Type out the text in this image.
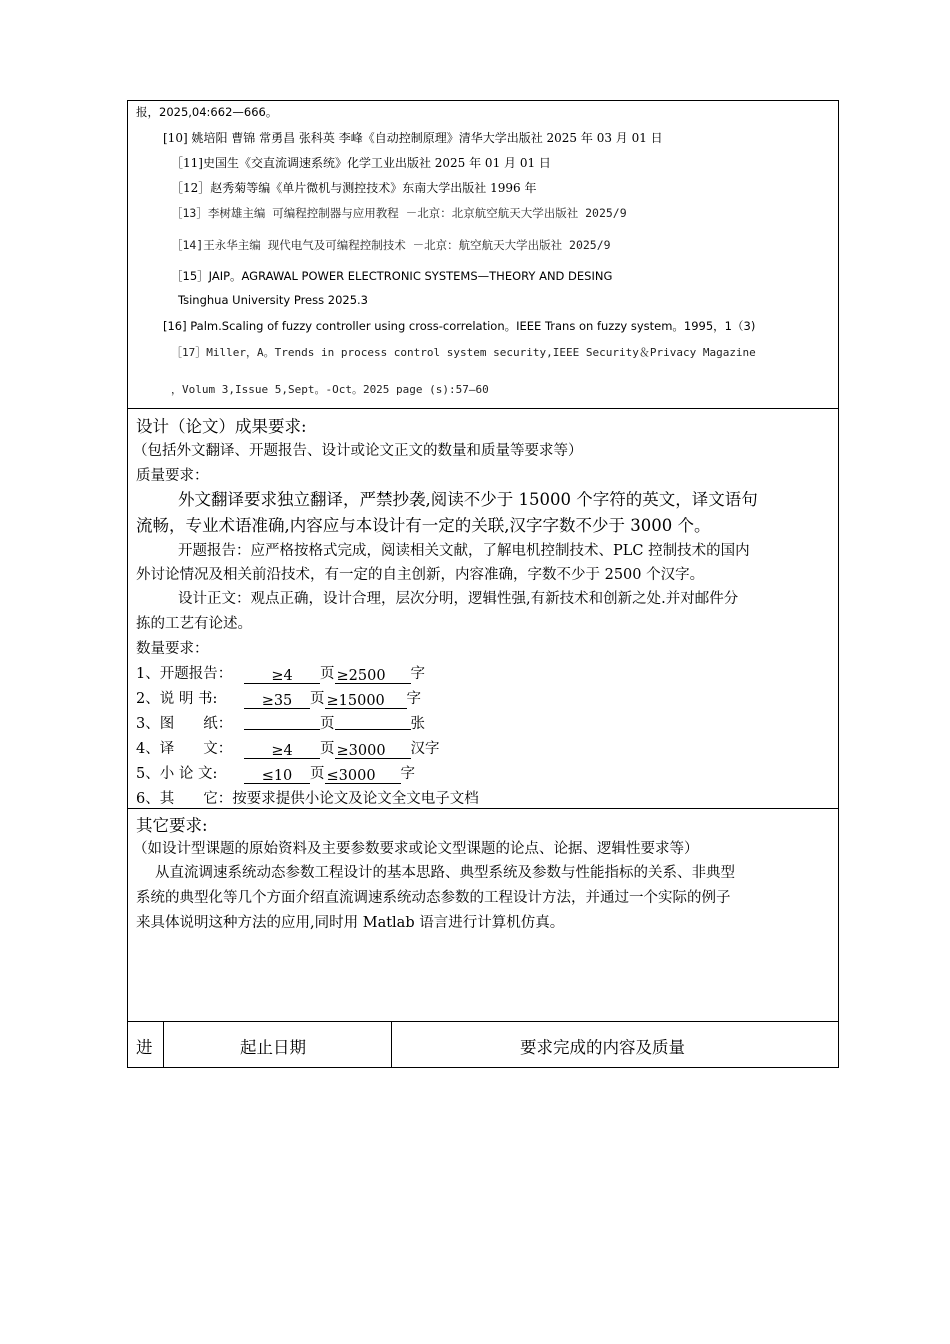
报，2025,04:662—666。
[10] 姚培阳 曹锦 常勇昌 张科英 李峰《自动控制原理》清华大学出版社 2025 年 03 月 01 日
［11]史国生《交直流调速系统》化学工业出版社 2025 年 01 月 01 日
［12］赵秀菊等编《单片微机与测控技术》东南大学出版社 1996 年
［13］李树雄主编 可编程控制器与应用教程 －北京：北京航空航天大学出版社 2025/9
［14]王永华主编 现代电气及可编程控制技术 －北京：航空航天大学出版社 2025/9
［15］JAIP。AGRAWAL POWER ELECTRONIC SYSTEMS—THEORY AND DESING
Tsinghua University Press 2025.3
[16] Palm.Scaling of fuzzy controller using cross-correlation。IEEE Trans on fuzzy system。1995，1（3)
［17］Miller，A。Trends in process control system security,IEEE Security＆Privacy Magazine
，Volum 3,Issue 5,Sept。-Oct。2025 page (s):57—60
设计（论文）成果要求:
（包括外文翻译、开题报告、设计或论文正文的数量和质量等要求等）
质量要求：
外文翻译要求独立翻译，严禁抄袭,阅读不少于 15000 个字符的英文，译文语句
流畅，专业术语准确,内容应与本设计有一定的关联,汉字字数不少于 3000 个。
开题报告：应严格按格式完成，阅读相关文献，了解电机控制技术、PLC 控制技术的国内
外讨论情况及相关前沿技术，有一定的自主创新，内容准确，字数不少于 2500 个汉字。
设计正文：观点正确，设计合理，层次分明，逻辑性强,有新技术和创新之处.并对邮件分
拣的工艺有论述。
数量要求：
1、开题报告：	≥4 页 ≥2500 字
2、说 明 书:	≥35 页 ≥15000 字
3、图　　纸：	页	张
4、译　　文：	≥4 页 ≥3000 汉字
5、小 论 文:	≤10 页 ≤3000 字
6、其　　它：按要求提供小论文及论文全文电子文档
其它要求:
（如设计型课题的原始资料及主要参数要求或论文型课题的论点、论据、逻辑性要求等）
从直流调速系统动态参数工程设计的基本思路、典型系统及参数与性能指标的关系、非典型
系统的典型化等几个方面介绍直流调速系统动态参数的工程设计方法，并通过一个实际的例子
来具体说明这种方法的应用,同时用 Matlab 语言进行计算机仿真。
进	起止日期	要求完成的内容及质量
